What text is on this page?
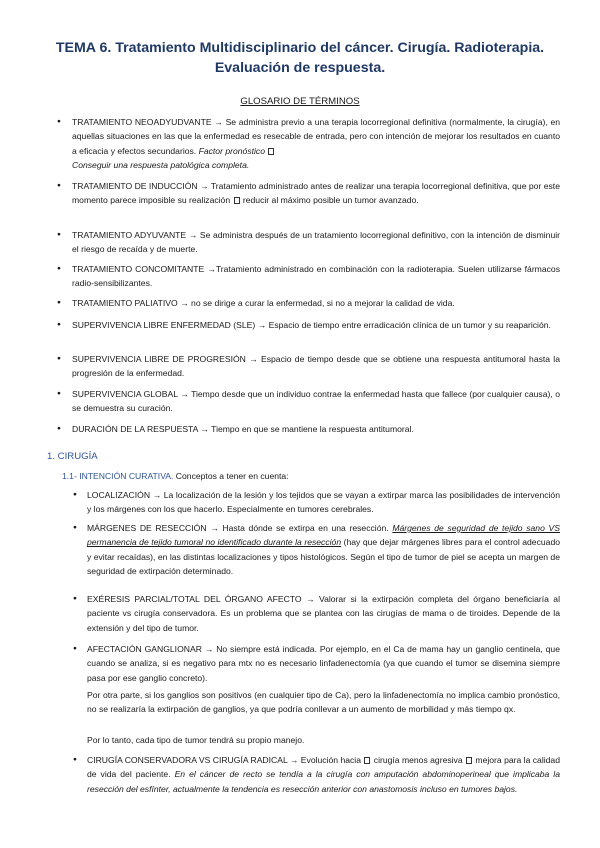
TEMA 6. Tratamiento Multidisciplinario del cáncer. Cirugía. Radioterapia.
Evaluación de respuesta.
GLOSARIO DE TÉRMINOS
● TRATAMIENTO NEOADYUDVANTE → Se administra previo a una terapia locorregional definitiva (normalmente, la cirugía), en aquellas situaciones en las que la enfermedad es resecable de entrada, pero con intención de mejorar los resultados en cuanto a eficacia y efectos secundarios. Factor pronóstico
Conseguir una respuesta patológica completa.
● TRATAMIENTO DE INDUCCIÓN → Tratamiento administrado antes de realizar una terapia locorregional definitiva, que por este momento parece imposible su realización  reducir al máximo posible un tumor avanzado.
● TRATAMIENTO ADYUVANTE → Se administra después de un tratamiento locorregional definitivo, con la intención de disminuir el riesgo de recaída y de muerte.
● TRATAMIENTO CONCOMITANTE →Tratamiento administrado en combinación con la radioterapia. Suelen utilizarse fármacos radio-sensibilizantes.
● TRATAMIENTO PALIATIVO → no se dirige a curar la enfermedad, si no a mejorar la calidad de vida.
● SUPERVIVENCIA LIBRE ENFERMEDAD (SLE) → Espacio de tiempo entre erradicación clínica de un tumor y su reaparición.
● SUPERVIVENCIA LIBRE DE PROGRESIÓN → Espacio de tiempo desde que se obtiene una respuesta antitumoral hasta la progresión de la enfermedad.
● SUPERVIVENCIA GLOBAL → Tiempo desde que un individuo contrae la enfermedad hasta que fallece (por cualquier causa), o se demuestra su curación.
● DURACIÓN DE LA RESPUESTA → Tiempo en que se mantiene la respuesta antitumoral.
1. CIRUGÍA
1.1- INTENCIÓN CURATIVA. Conceptos a tener en cuenta:
● LOCALIZACIÓN → La localización de la lesión y los tejidos que se vayan a extirpar marca las posibilidades de intervención y los márgenes con los que hacerlo. Especialmente en tumores cerebrales.
● MÁRGENES DE RESECCIÓN → Hasta dónde se extirpa en una resección. Márgenes de seguridad de tejido sano VS permanencia de tejido tumoral no identificado durante la resección (hay que dejar márgenes libres para el control adecuado y evitar recaídas), en las distintas localizaciones y tipos histológicos. Según el tipo de tumor de piel se acepta un margen de seguridad de extirpación determinado.
● EXÉRESIS PARCIAL/TOTAL DEL ÓRGANO AFECTO → Valorar si la extirpación completa del órgano beneficiaría al paciente vs cirugía conservadora. Es un problema que se plantea con las cirugías de mama o de tiroides. Depende de la extensión y del tipo de tumor.
● AFECTACIÓN GANGLIONAR → No siempre está indicada. Por ejemplo, en el Ca de mama hay un ganglio centinela, que cuando se analiza, si es negativo para mtx no es necesario linfadenectomía (ya que cuando el tumor se disemina siempre pasa por ese ganglio concreto).
Por otra parte, si los ganglios son positivos (en cualquier tipo de Ca), pero la linfadenectomía no implica cambio pronóstico, no se realizaría la extirpación de ganglios, ya que podría conllevar a un aumento de morbilidad y más tiempo qx.
Por lo tanto, cada tipo de tumor tendrá su propio manejo.
● CIRUGÍA CONSERVADORA VS CIRUGÍA RADICAL → Evolución hacia  cirugía menos agresiva  mejora para la calidad de vida del paciente. En el cáncer de recto se tendía a la cirugía con amputación abdominoperineal que implicaba la resección del esfínter, actualmente la tendencia es resección anterior con anastomosis incluso en tumores bajos.
